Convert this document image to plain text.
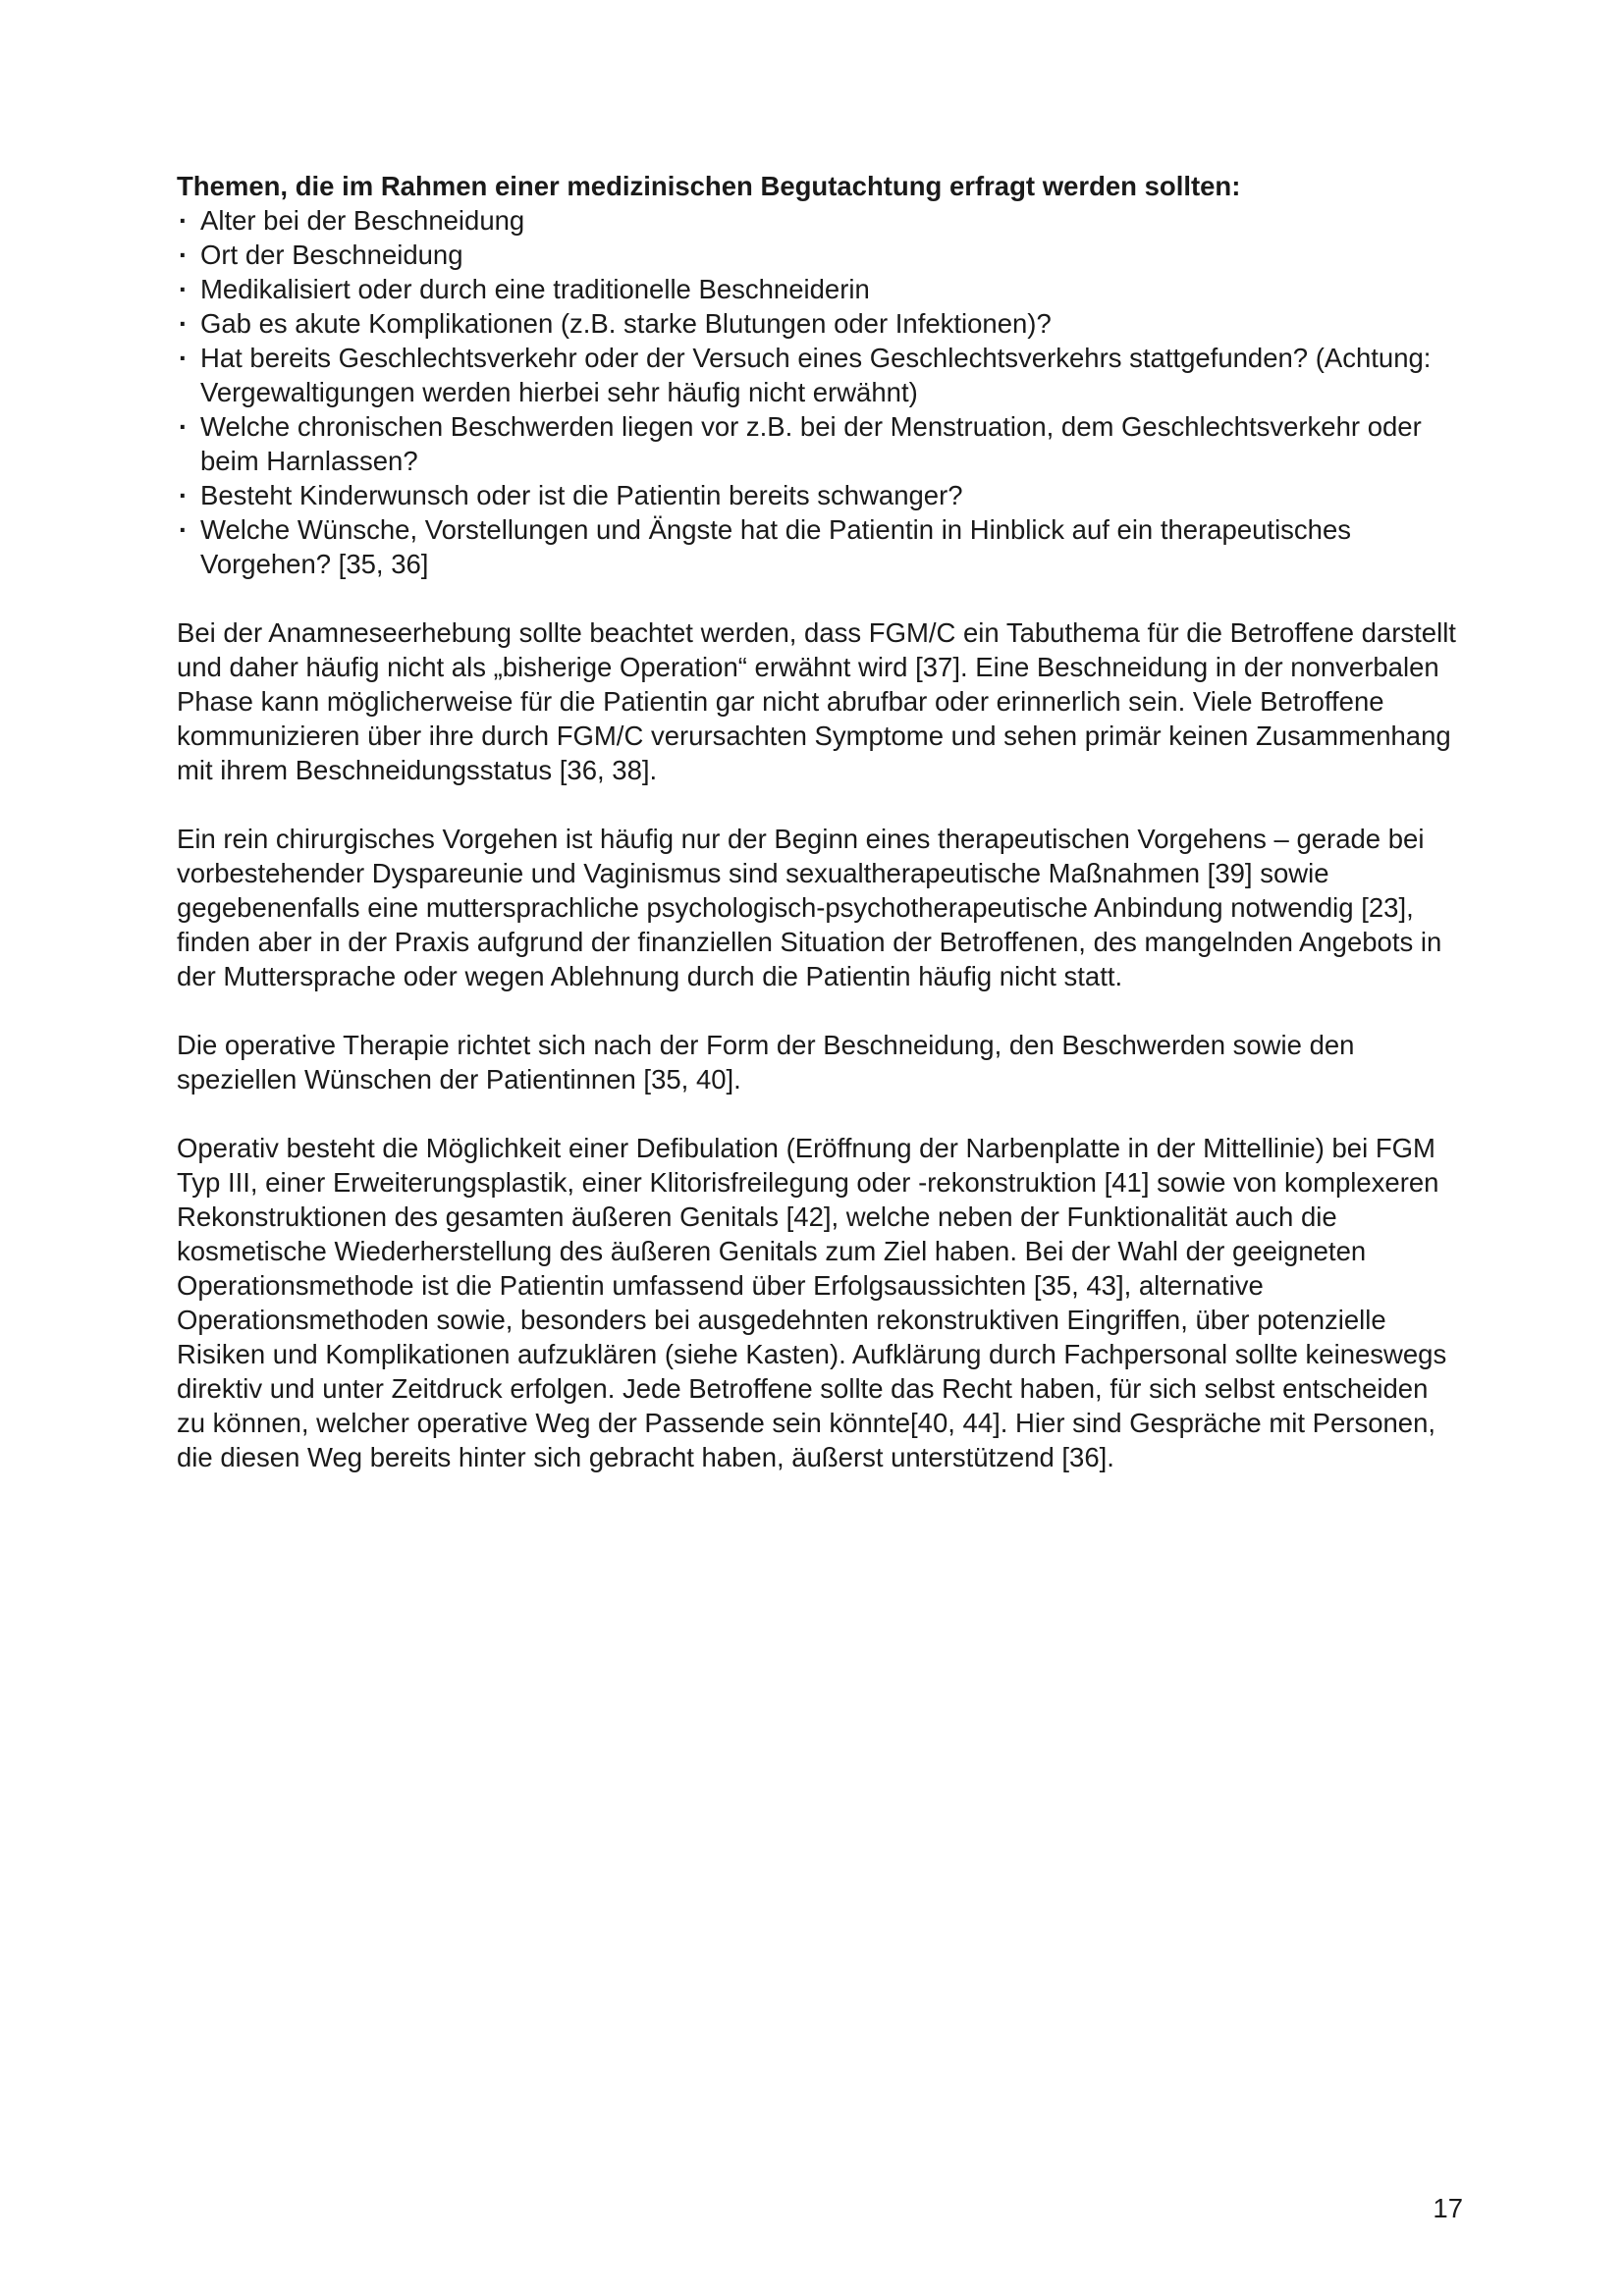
Themen, die im Rahmen einer medizinischen Begutachtung erfragt werden sollten:

· Alter bei der Beschneidung
· Ort der Beschneidung
· Medikalisiert oder durch eine traditionelle Beschneiderin
· Gab es akute Komplikationen (z.B. starke Blutungen oder Infektionen)?
· Hat bereits Geschlechtsverkehr oder der Versuch eines Geschlechtsverkehrs stattgefunden? (Achtung: Vergewaltigungen werden hierbei sehr häufig nicht erwähnt)
· Welche chronischen Beschwerden liegen vor z.B. bei der Menstruation, dem Geschlechtsverkehr oder beim Harnlassen?
· Besteht Kinderwunsch oder ist die Patientin bereits schwanger?
· Welche Wünsche, Vorstellungen und Ängste hat die Patientin in Hinblick auf ein therapeutisches Vorgehen? [35, 36]

Bei der Anamneseerhebung sollte beachtet werden, dass FGM/C ein Tabuthema für die Betroffene darstellt und daher häufig nicht als „bisherige Operation“ erwähnt wird [37]. Eine Beschneidung in der nonverbalen Phase kann möglicherweise für die Patientin gar nicht abrufbar oder erinnerlich sein. Viele Betroffene kommunizieren über ihre durch FGM/C verursachten Symptome und sehen primär keinen Zusammenhang mit ihrem Beschneidungsstatus [36, 38].

Ein rein chirurgisches Vorgehen ist häufig nur der Beginn eines therapeutischen Vorgehens – gerade bei vorbestehender Dyspareunie und Vaginismus sind sexualtherapeutische Maßnahmen [39] sowie gegebenenfalls eine muttersprachliche psychologisch-psychotherapeutische Anbindung notwendig [23], finden aber in der Praxis aufgrund der finanziellen Situation der Betroffenen, des mangelnden Angebots in der Muttersprache oder wegen Ablehnung durch die Patientin häufig nicht statt.

Die operative Therapie richtet sich nach der Form der Beschneidung, den Beschwerden sowie den speziellen Wünschen der Patientinnen [35, 40].

Operativ besteht die Möglichkeit einer Defibulation (Eröffnung der Narbenplatte in der Mittellinie) bei FGM Typ III, einer Erweiterungsplastik, einer Klitorisfreilegung oder -rekonstruktion [41] sowie von komplexeren Rekonstruktionen des gesamten äußeren Genitals [42], welche neben der Funktionalität auch die kosmetische Wiederherstellung des äußeren Genitals zum Ziel haben. Bei der Wahl der geeigneten Operationsmethode ist die Patientin umfassend über Erfolgsaussichten [35, 43], alternative Operationsmethoden sowie, besonders bei ausgedehnten rekonstruktiven Eingriffen, über potenzielle Risiken und Komplikationen aufzuklären (siehe Kasten). Aufklärung durch Fachpersonal sollte keineswegs direktiv und unter Zeitdruck erfolgen. Jede Betroffene sollte das Recht haben, für sich selbst entscheiden zu können, welcher operative Weg der Passende sein könnte[40, 44]. Hier sind Gespräche mit Personen, die diesen Weg bereits hinter sich gebracht haben, äußerst unterstützend [36].

17
